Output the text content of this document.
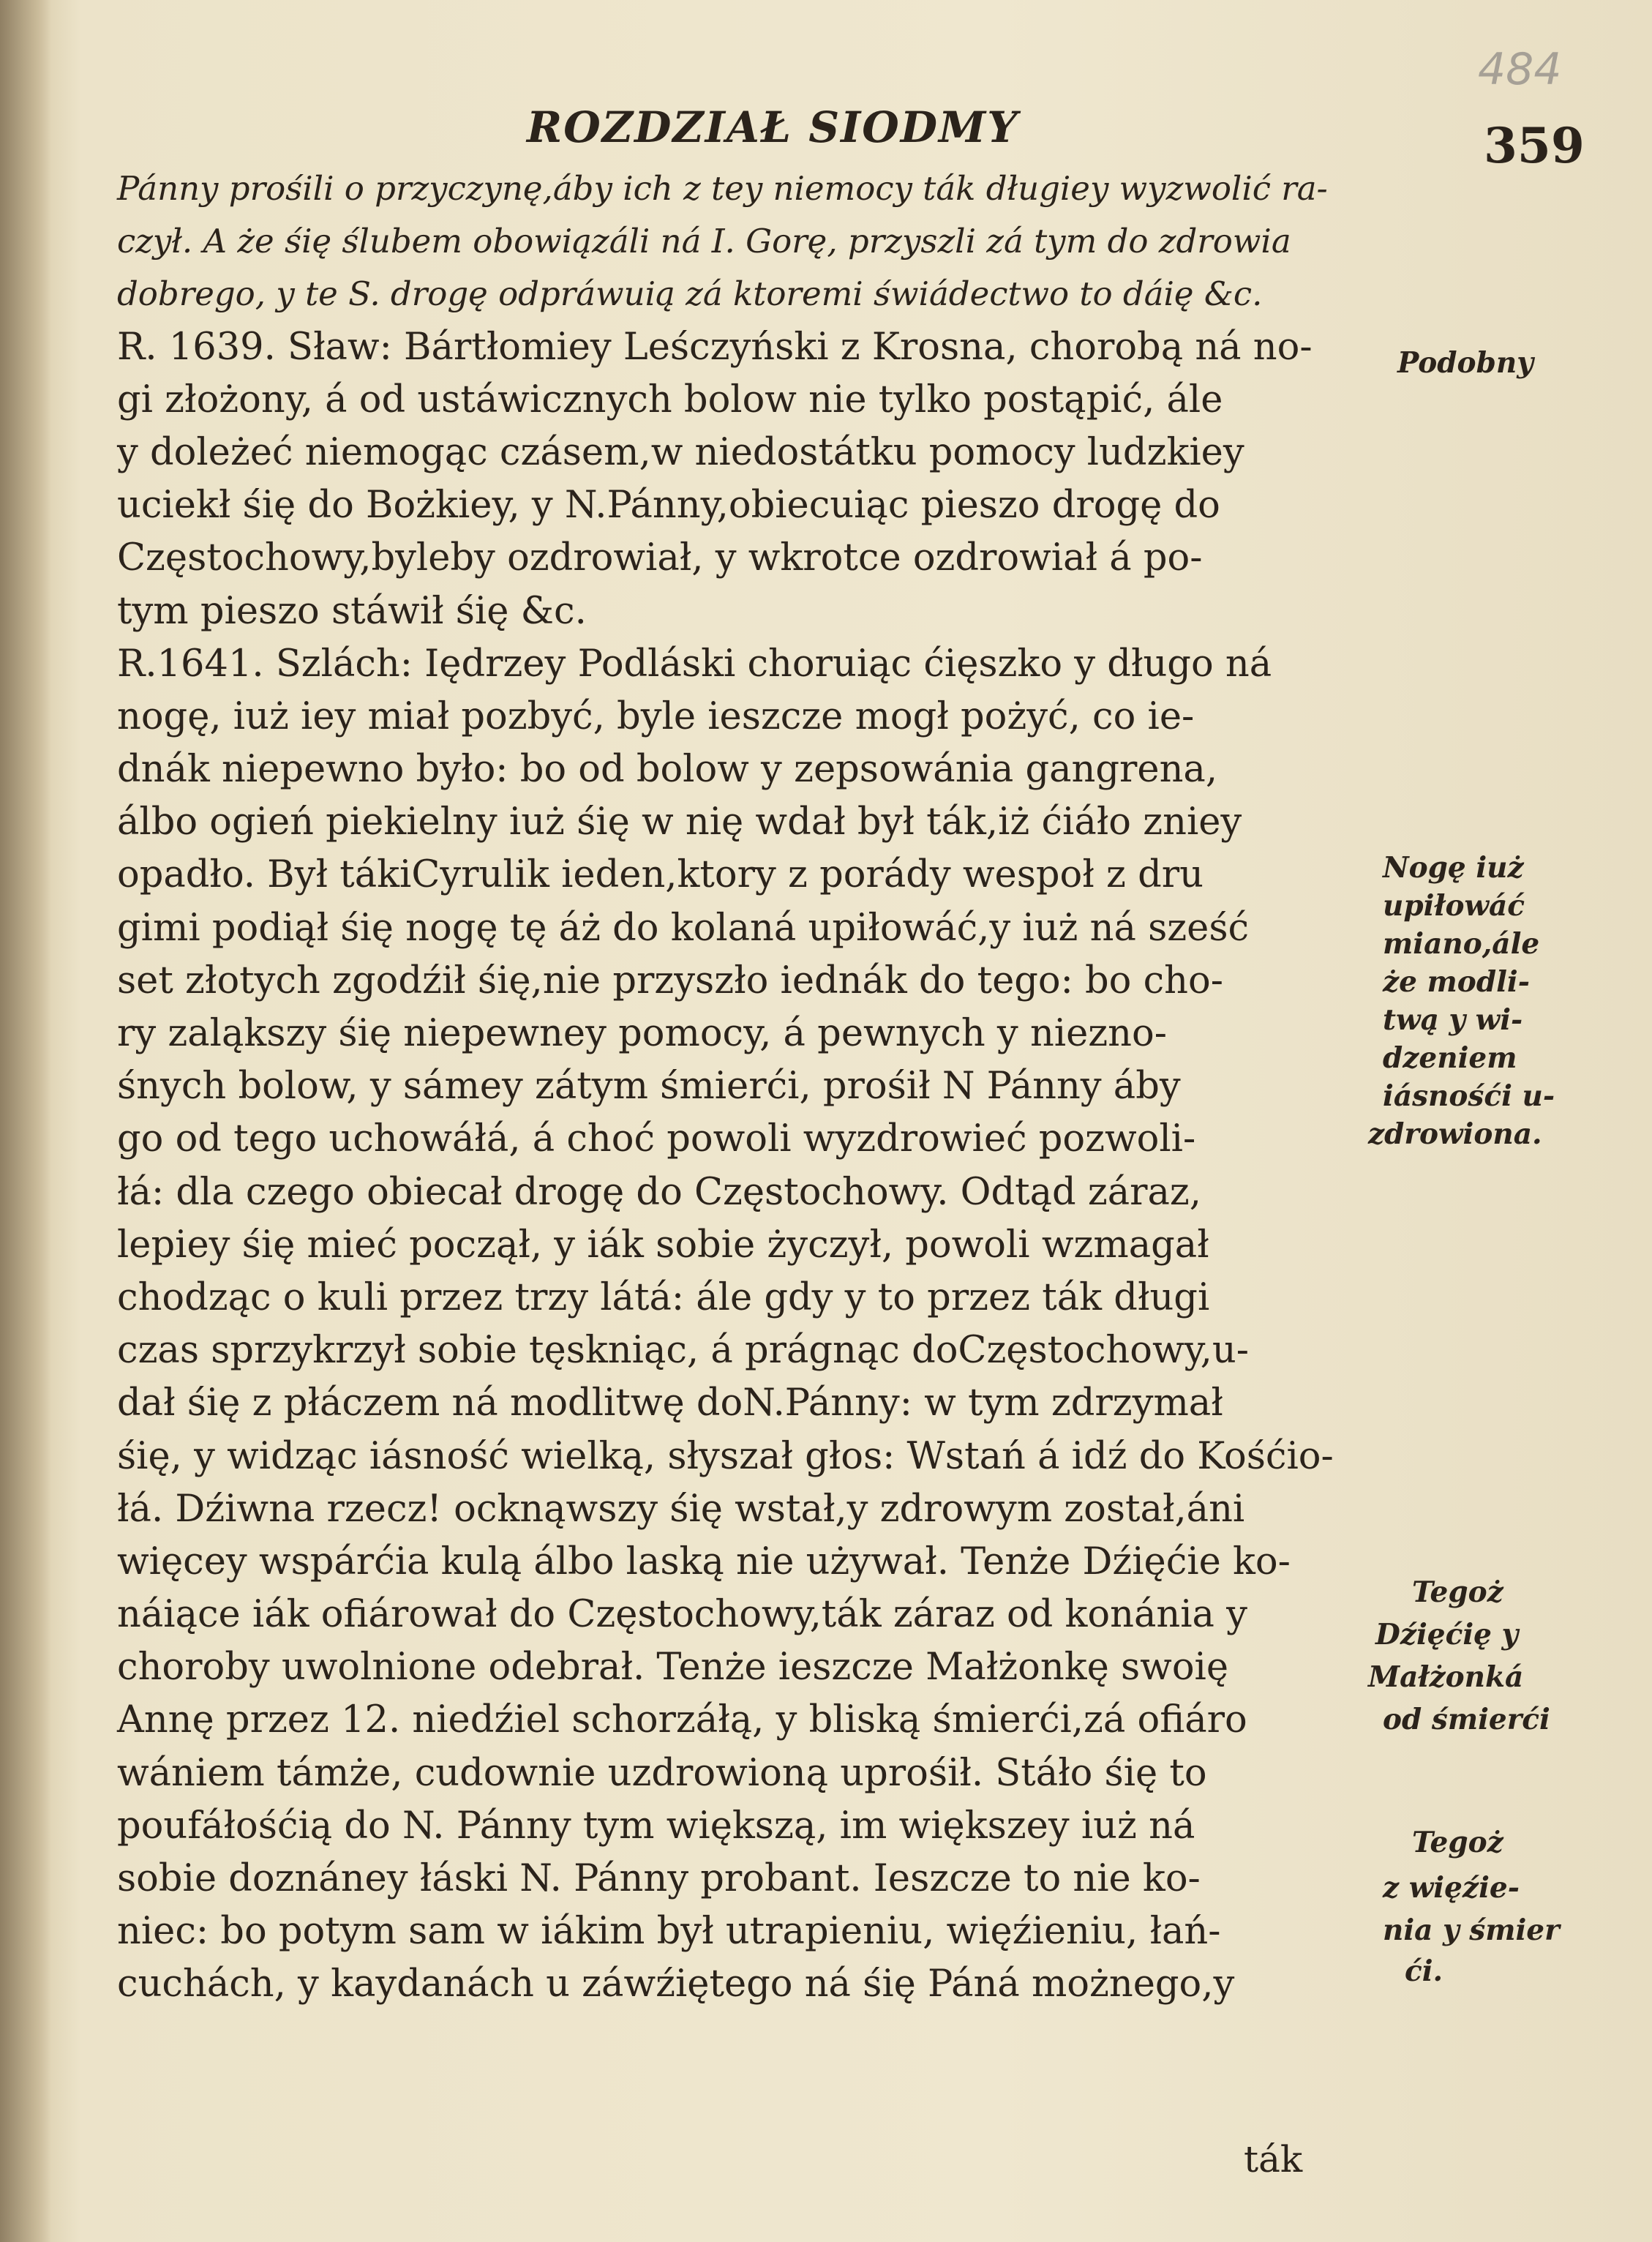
484
ROZDZIAŁ SIODMY	359
Pánny prośili o przyczynę,áby ich z tey niemocy ták długiey wyzwolić ra-
czył. A że śię ślubem obowiązáli ná I. Gorę, przyszli zá tym do zdrowia
dobrego, y te S. drogę odpráwuią zá ktoremi świádectwo to dáię &c.
R. 1639. Sław: Bártłomiey Leśczyński z Krosna, chorobą ná no-
gi złożony, á od ustáwicznych bolow nie tylko postąpić, ále
y doleżeć niemogąc czásem,w niedostátku pomocy ludzkiey
uciekł śię do Bożkiey, y N.Pánny,obiecuiąc pieszo drogę do
Częstochowy,byleby ozdrowiał, y wkrotce ozdrowiał á po-
tym pieszo stáwił śię &c.
R.1641. Szlách: Iędrzey Podláski choruiąc ćięszko y długo ná
nogę, iuż iey miał pozbyć, byle ieszcze mogł pożyć, co ie-
dnák niepewno było: bo od bolow y zepsowánia gangrena,
álbo ogień piekielny iuż śię w nię wdał był ták,iż ćiáło zniey
opadło. Był tákiCyrulik ieden,ktory z porády wespoł z dru
gimi podiął śię nogę tę áż do kolaná upiłowáć,y iuż ná sześć
set złotych zgodźił śię,nie przyszło iednák do tego: bo cho-
ry zaląkszy śię niepewney pomocy, á pewnych y niezno-
śnych bolow, y sámey zátym śmierći, prośił N Pánny áby
go od tego uchowáłá, á choć powoli wyzdrowieć pozwoli-
łá: dla czego obiecał drogę do Częstochowy. Odtąd záraz,
lepiey śię mieć począł, y iák sobie życzył, powoli wzmagał
chodząc o kuli przez trzy látá: ále gdy y to przez ták długi
czas sprzykrzył sobie tęskniąc, á prágnąc doCzęstochowy,u-
dał śię z płáczem ná modlitwę doN.Pánny: w tym zdrzymał
śię, y widząc iásność wielką, słyszał głos: Wstań á idź do Kośćio-
łá. Dźiwna rzecz! ocknąwszy śię wstał,y zdrowym został,áni
więcey wspárćia kulą álbo laską nie używał. Tenże Dźięćie ko-
náiące iák ofiárował do Częstochowy,ták záraz od konánia y
choroby uwolnione odebrał. Tenże ieszcze Małżonkę swoię
Annę przez 12. niedźiel schorzáłą, y bliską śmierći,zá ofiáro
wániem támże, cudownie uzdrowioną uprośił. Stáło śię to
poufáłośćią do N. Pánny tym większą, im większey iuż ná
sobie doznáney łáski N. Pánny probant. Ieszcze to nie ko-
niec: bo potym sam w iákim był utrapieniu, więźieniu, łań-
cuchách, y kaydanách u záwźiętego ná śię Páná możnego,y
ták
Podobny
Nogę iuż
upiłowáć
miano,ále
że modli-
twą y wi-
dzeniem
iásnośći u-
zdrowiona.
Tegoż
Dźięćię y
Małżonká
od śmierći
Tegoż
z więźie-
nia y śmier
ći.
